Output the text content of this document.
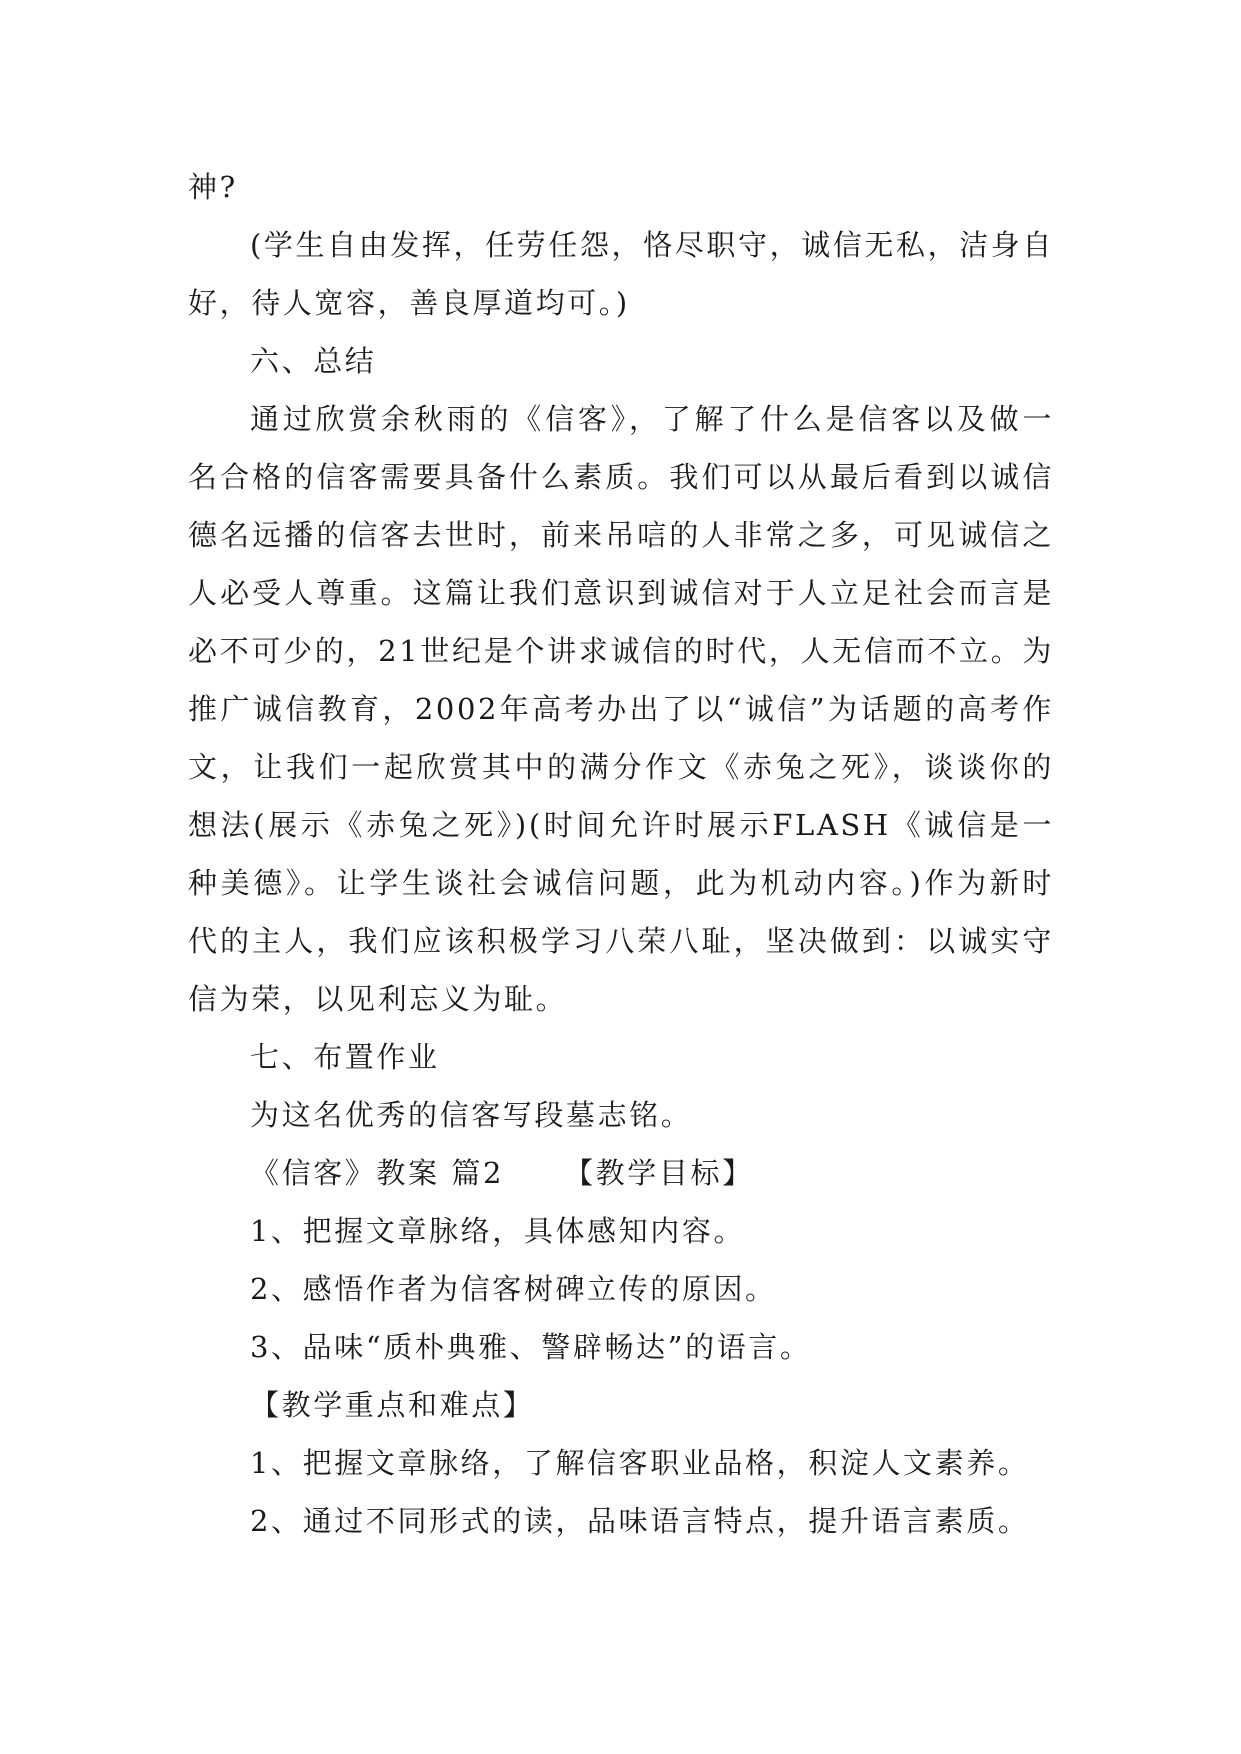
神?

(学生自由发挥，任劳任怨，恪尽职守，诚信无私，洁身自好，待人宽容，善良厚道均可。)

六、总结

通过欣赏余秋雨的《信客》，了解了什么是信客以及做一名合格的信客需要具备什么素质。我们可以从最后看到以诚信德名远播的信客去世时，前来吊唁的人非常之多，可见诚信之人必受人尊重。这篇让我们意识到诚信对于人立足社会而言是必不可少的，21世纪是个讲求诚信的时代，人无信而不立。为推广诚信教育，2002年高考办出了以“诚信”为话题的高考作文，让我们一起欣赏其中的满分作文《赤兔之死》，谈谈你的想法(展示《赤兔之死》)(时间允许时展示FLASH《诚信是一种美德》。让学生谈社会诚信问题，此为机动内容。)作为新时代的主人，我们应该积极学习八荣八耻，坚决做到：以诚实守信为荣，以见利忘义为耻。

七、布置作业

为这名优秀的信客写段墓志铭。

《信客》教案 篇2 【教学目标】

1、把握文章脉络，具体感知内容。

2、感悟作者为信客树碑立传的原因。

3、品味“质朴典雅、警辟畅达”的语言。

【教学重点和难点】

1、把握文章脉络，了解信客职业品格，积淀人文素养。

2、通过不同形式的读，品味语言特点，提升语言素质。
